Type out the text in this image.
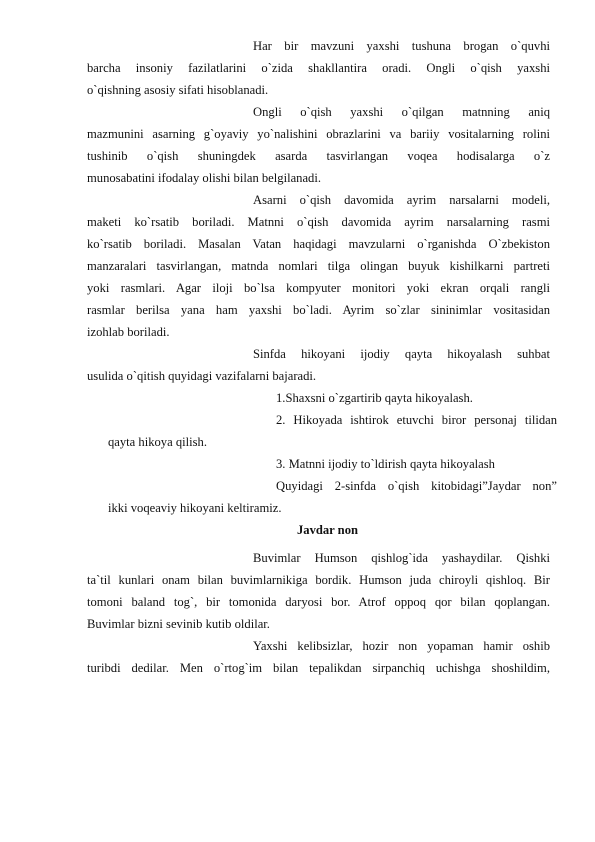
Har bir mavzuni yaxshi tushuna brogan o`quvhi
barcha insoniy fazilatlarini o`zida shakllantira oradi. Ongli o`qish yaxshi
o`qishning asosiy sifati hisoblanadi.
Ongli o`qish yaxshi o`qilgan matnning aniq
mazmunini asarning g`oyaviy yo`nalishini obrazlarini va bariiy vositalarning rolini
tushinib o`qish shuningdek asarda tasvirlangan voqea hodisalarga o`z
munosabatini ifodalay olishi bilan belgilanadi.
Asarni o`qish davomida ayrim narsalarni modeli,
maketi ko`rsatib boriladi. Matnni o`qish davomida ayrim narsalarning rasmi
ko`rsatib boriladi. Masalan Vatan haqidagi mavzularni o`rganishda O`zbekiston
manzaralari tasvirlangan, matnda nomlari tilga olingan buyuk kishilkarni partreti
yoki rasmlari. Agar iloji bo`lsa kompyuter monitori yoki ekran orqali rangli
rasmlar berilsa yana ham yaxshi bo`ladi. Ayrim so`zlar sininimlar vositasidan
izohlab boriladi.
Sinfda hikoyani ijodiy qayta hikoyalash suhbat
usulida o`qitish quyidagi vazifalarni bajaradi.
1.Shaxsni o`zgartirib qayta hikoyalash.
2. Hikoyada ishtirok etuvchi biror personaj tilidan
qayta hikoya qilish.
3. Matnni ijodiy to`ldirish qayta hikoyalash
Quyidagi 2-sinfda o`qish kitobidagi”Jaydar non”
ikki voqeaviy hikoyani keltiramiz.
Javdar non
Buvimlar Humson qishlog`ida yashaydilar. Qishki
ta`til kunlari onam bilan buvimlarnikiga bordik. Humson juda chiroyli qishloq. Bir
tomoni baland tog`, bir tomonida daryosi bor. Atrof oppoq qor bilan qoplangan.
Buvimlar bizni sevinib kutib oldilar.
Yaxshi kelibsizlar, hozir non yopaman hamir oshib
turibdi dedilar. Men o`rtog`im bilan tepalikdan sirpanchiq uchishga shoshildim,
